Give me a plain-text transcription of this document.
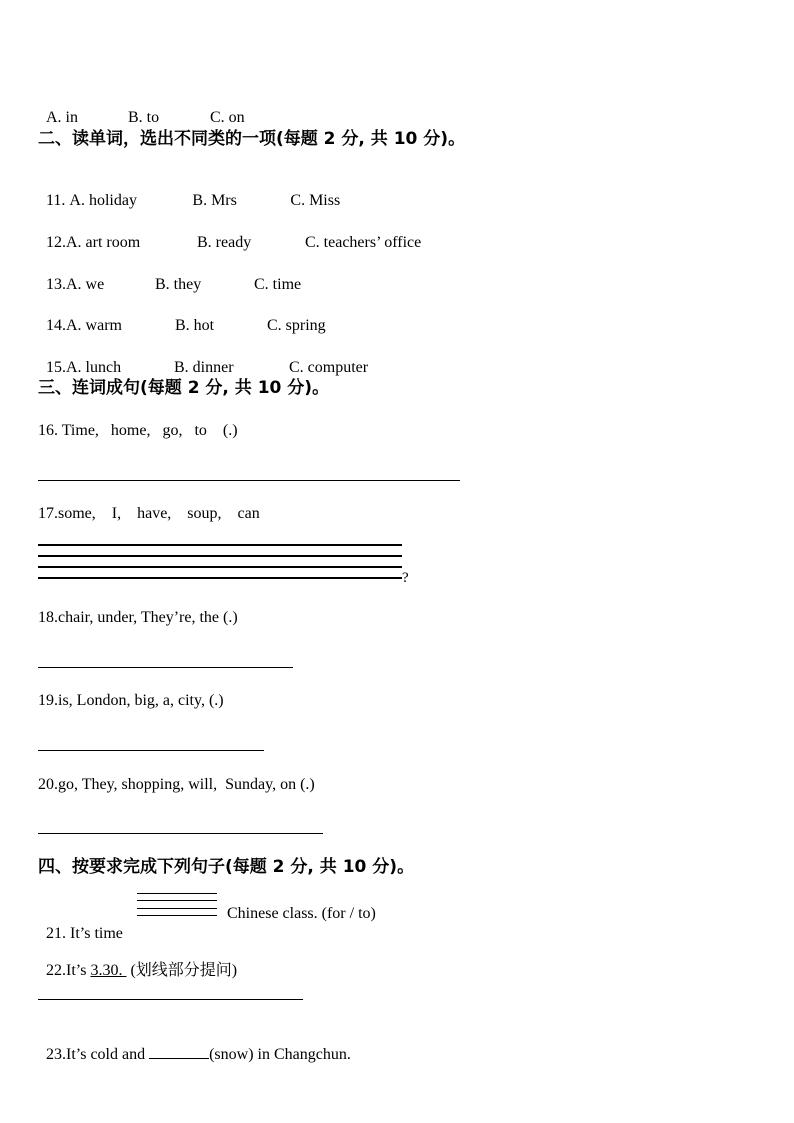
A. in	B. to	C. on

二、读单词，选出不同类的一项(每题 2 分, 共 10 分)。

11. A. holiday	B. Mrs	C. Miss

12.A. art room	B. ready	C. teachers’ office

13.A. we	B. they	C. time

14.A. warm	B. hot	C. spring

15.A. lunch	B. dinner	C. computer

三、连词成句(每题 2 分, 共 10 分)。
16. Time,   home,   go,   to    (.)
17.some,    I,    have,    soup,    can
?
18.chair, under, They’re, the (.)
19.is, London, big, a, city, (.)
20.go, They, shopping, will,  Sunday, on (.)
四、按要求完成下列句子(每题 2 分, 共 10 分)。

21. It’s time

Chinese class. (for / to)

22.It’s 3.30.  (划线部分提问)

23.It’s cold and	(snow) in Changchun.
